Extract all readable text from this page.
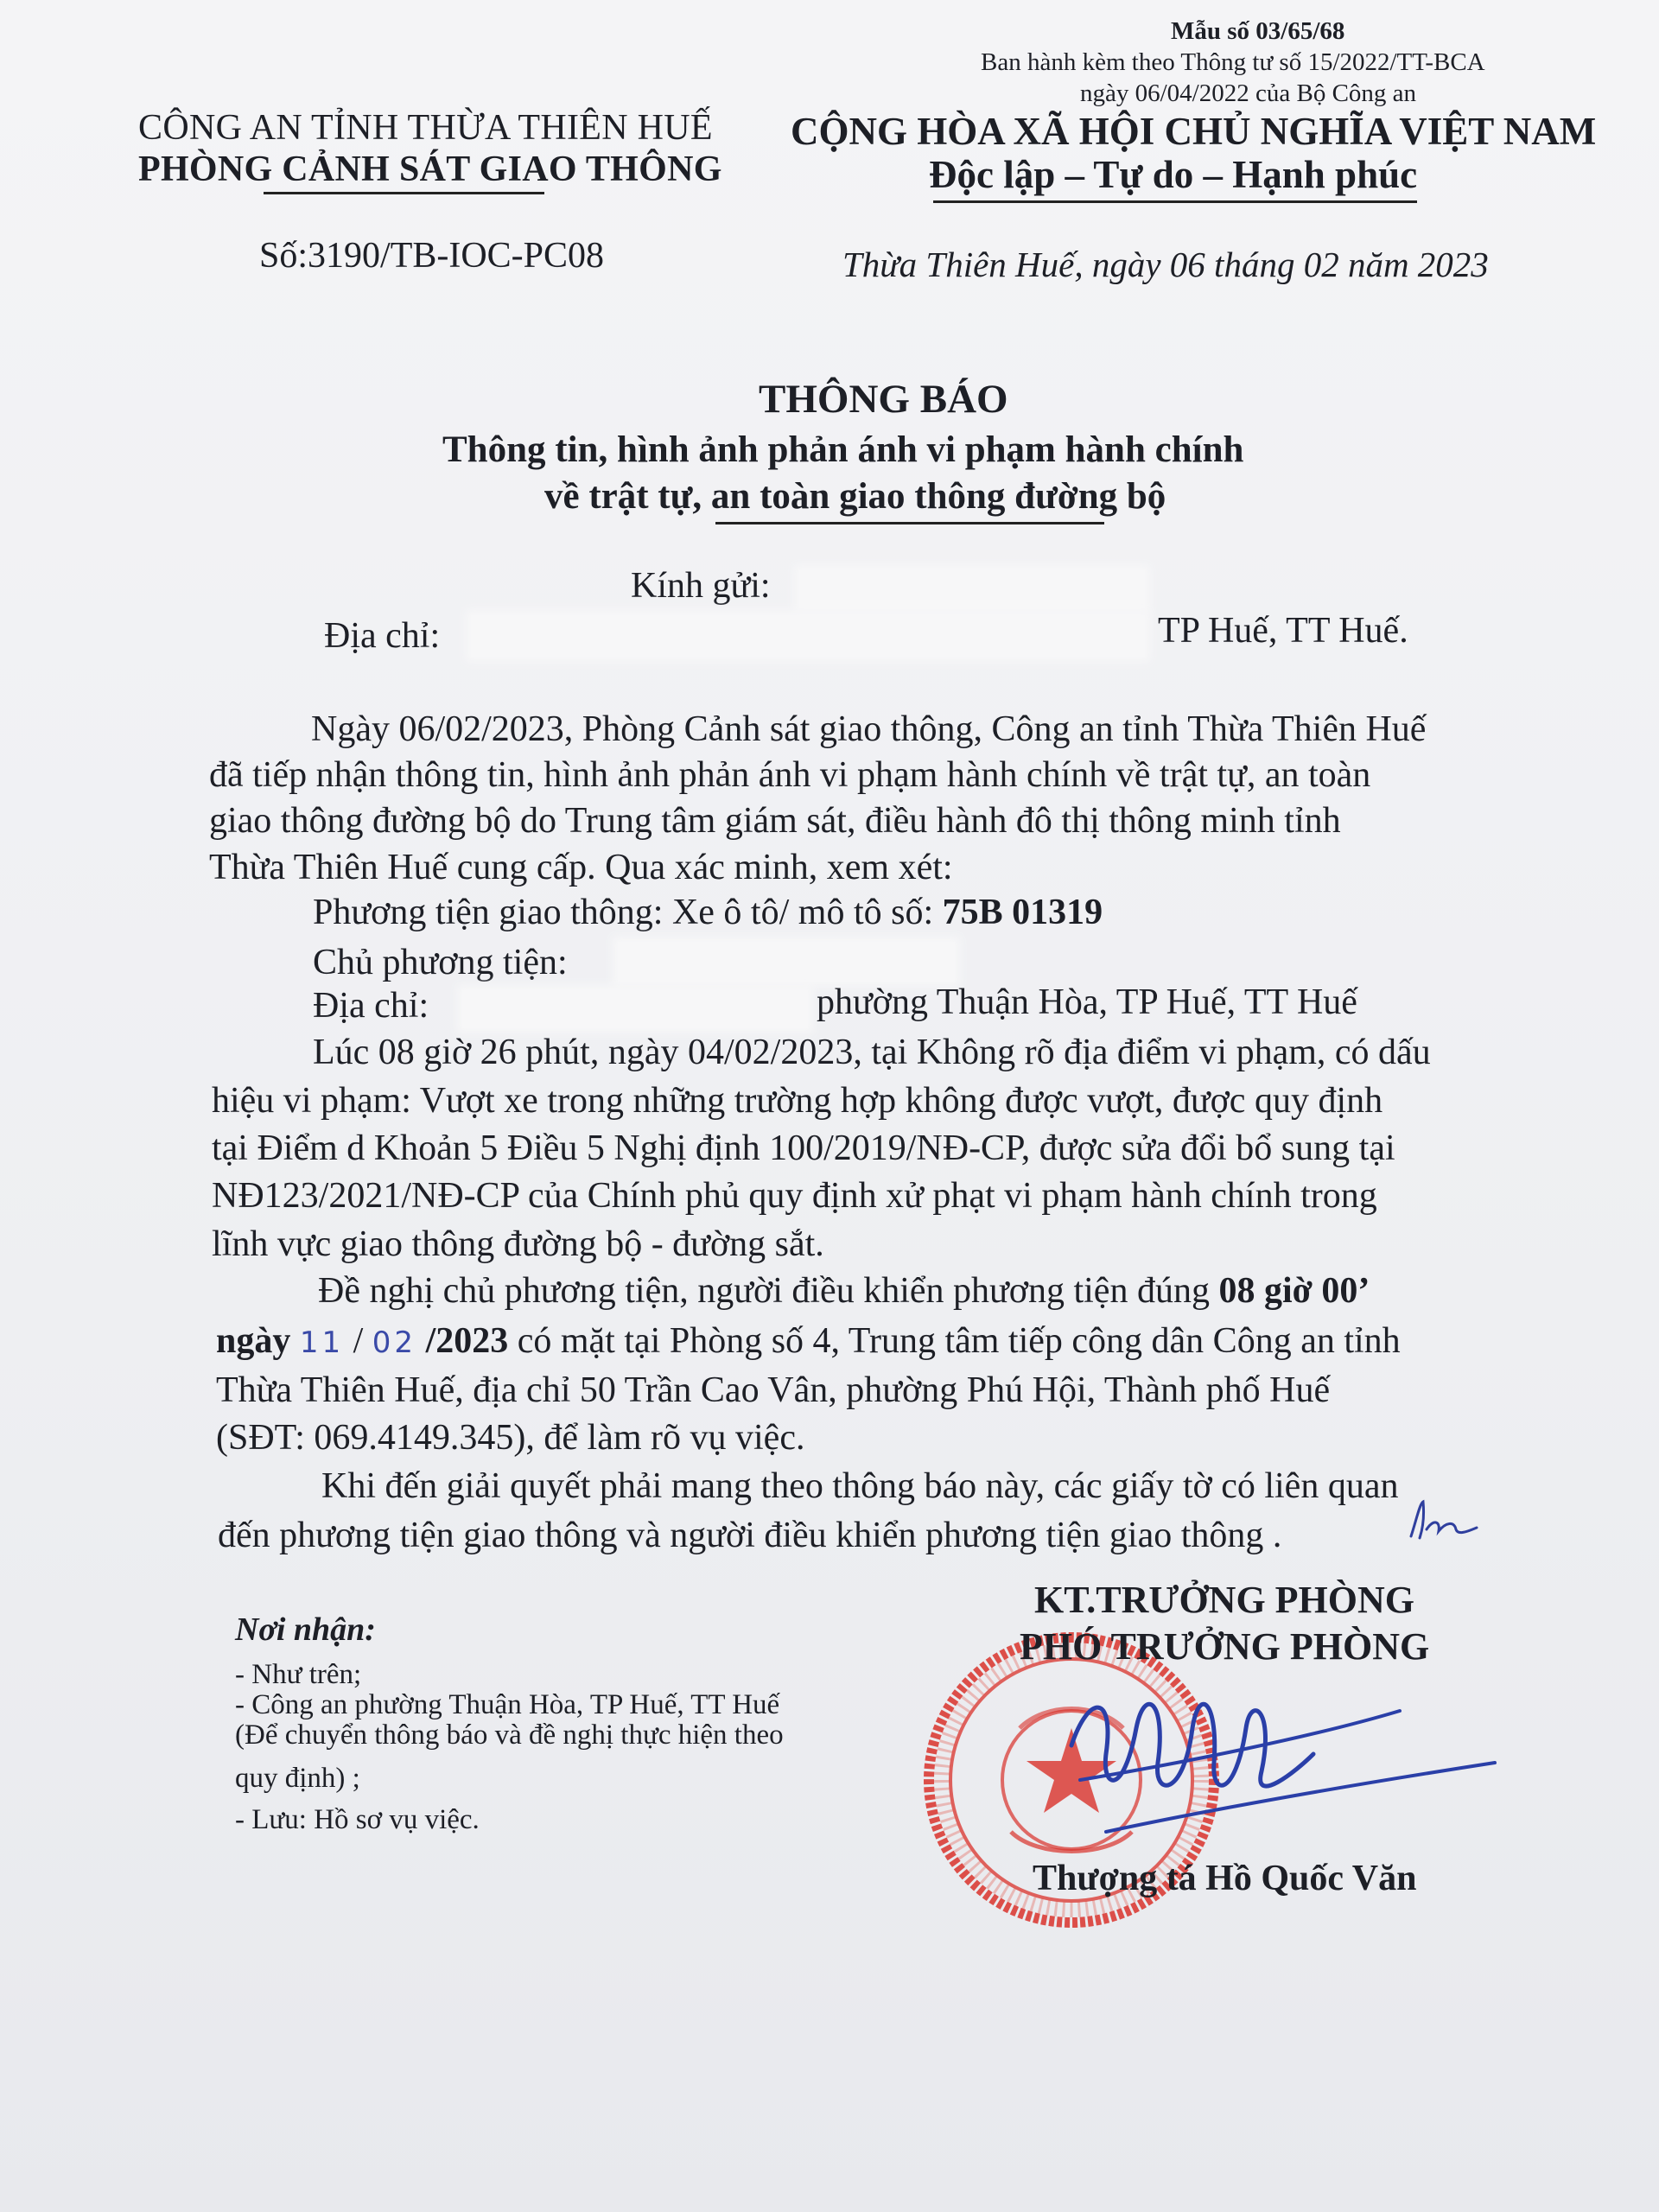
Mẫu số 03/65/68
Ban hành kèm theo Thông tư số 15/2022/TT-BCA
ngày 06/04/2022 của Bộ Công an
CÔNG AN TỈNH THỪA THIÊN HUẾ
PHÒNG CẢNH SÁT GIAO THÔNG
Số:3190/TB-IOC-PC08
CỘNG HÒA XÃ HỘI CHỦ NGHĨA VIỆT NAM
Độc lập – Tự do – Hạnh phúc
Thừa Thiên Huế, ngày 06 tháng 02 năm 2023
THÔNG BÁO
Thông tin, hình ảnh phản ánh vi phạm hành chính
về trật tự, an toàn giao thông đường bộ
Kính gửi:
Địa chỉ:	TP Huế, TT Huế.
Ngày 06/02/2023, Phòng Cảnh sát giao thông, Công an tỉnh Thừa Thiên Huế
đã tiếp nhận thông tin, hình ảnh phản ánh vi phạm hành chính về trật tự, an toàn
giao thông đường bộ do Trung tâm giám sát, điều hành đô thị thông minh tỉnh
Thừa Thiên Huế cung cấp. Qua xác minh, xem xét:
Phương tiện giao thông: Xe ô tô/ mô tô số: 75B 01319
Chủ phương tiện:
Địa chỉ:	phường Thuận Hòa, TP Huế, TT Huế
Lúc 08 giờ 26 phút, ngày 04/02/2023, tại Không rõ địa điểm vi phạm, có dấu
hiệu vi phạm: Vượt xe trong những trường hợp không được vượt, được quy định
tại Điểm d Khoản 5 Điều 5 Nghị định 100/2019/NĐ-CP, được sửa đổi bổ sung tại
NĐ123/2021/NĐ-CP của Chính phủ quy định xử phạt vi phạm hành chính trong
lĩnh vực giao thông đường bộ - đường sắt.
Đề nghị chủ phương tiện, người điều khiển phương tiện đúng 08 giờ 00’
ngày 11 / 02 /2023 có mặt tại Phòng số 4, Trung tâm tiếp công dân Công an tỉnh
Thừa Thiên Huế, địa chỉ 50 Trần Cao Vân, phường Phú Hội, Thành phố Huế
(SĐT: 069.4149.345), để làm rõ vụ việc.
Khi đến giải quyết phải mang theo thông báo này, các giấy tờ có liên quan
đến phương tiện giao thông và người điều khiển phương tiện giao thông .
Nơi nhận:
- Như trên;
- Công an phường Thuận Hòa, TP Huế, TT Huế
(Để chuyển thông báo và đề nghị thực hiện theo
quy định) ;
- Lưu: Hồ sơ vụ việc.
KT.TRƯỞNG PHÒNG
PHÓ TRƯỞNG PHÒNG
Thượng tá Hồ Quốc Văn
